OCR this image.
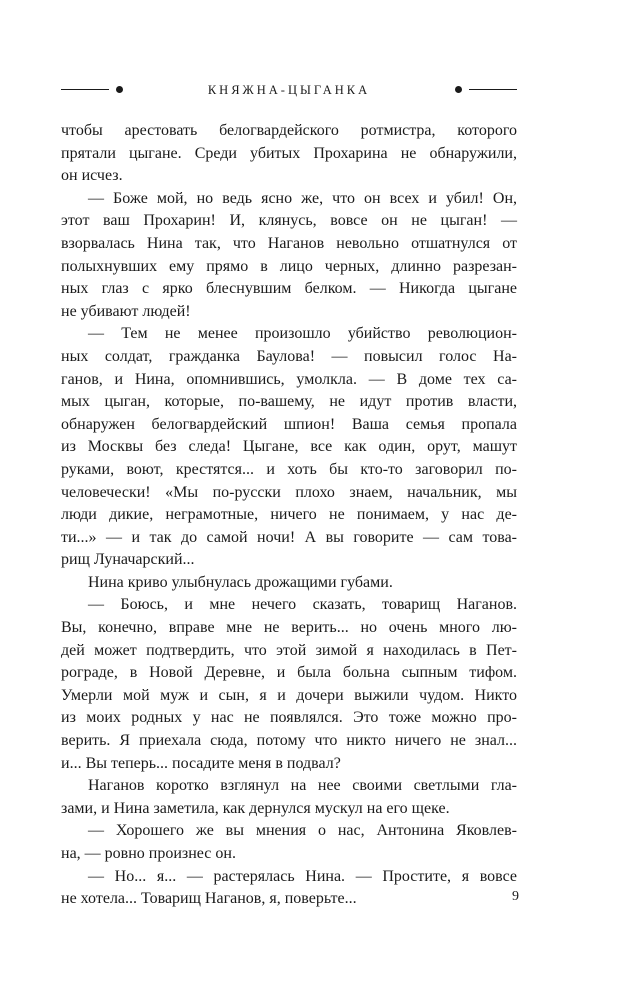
КНЯЖНА-ЦЫГАНКА
чтобы арестовать белогвардейского ротмистра, которого
прятали цыгане. Среди убитых Прохарина не обнаружили,
он исчез.
— Боже мой, но ведь ясно же, что он всех и убил! Он,
этот ваш Прохарин! И, клянусь, вовсе он не цыган! —
взорвалась Нина так, что Наганов невольно отшатнулся от
полыхнувших ему прямо в лицо черных, длинно разрезан-
ных глаз с ярко блеснувшим белком. — Никогда цыгане
не убивают людей!
— Тем не менее произошло убийство революцион-
ных солдат, гражданка Баулова! — повысил голос На-
ганов, и Нина, опомнившись, умолкла. — В доме тех са-
мых цыган, которые, по-вашему, не идут против власти,
обнаружен белогвардейский шпион! Ваша семья пропала
из Москвы без следа! Цыгане, все как один, орут, машут
руками, воют, крестятся... и хоть бы кто-то заговорил по-
человечески! «Мы по-русски плохо знаем, начальник, мы
люди дикие, неграмотные, ничего не понимаем, у нас де-
ти...» — и так до самой ночи! А вы говорите — сам това-
рищ Луначарский...
Нина криво улыбнулась дрожащими губами.
— Боюсь, и мне нечего сказать, товарищ Наганов.
Вы, конечно, вправе мне не верить... но очень много лю-
дей может подтвердить, что этой зимой я находилась в Пет-
рограде, в Новой Деревне, и была больна сыпным тифом.
Умерли мой муж и сын, я и дочери выжили чудом. Никто
из моих родных у нас не появлялся. Это тоже можно про-
верить. Я приехала сюда, потому что никто ничего не знал...
и... Вы теперь... посадите меня в подвал?
Наганов коротко взглянул на нее своими светлыми гла-
зами, и Нина заметила, как дернулся мускул на его щеке.
— Хорошего же вы мнения о нас, Антонина Яковлев-
на, — ровно произнес он.
— Но... я... — растерялась Нина. — Простите, я вовсе
не хотела... Товарищ Наганов, я, поверьте...	9
